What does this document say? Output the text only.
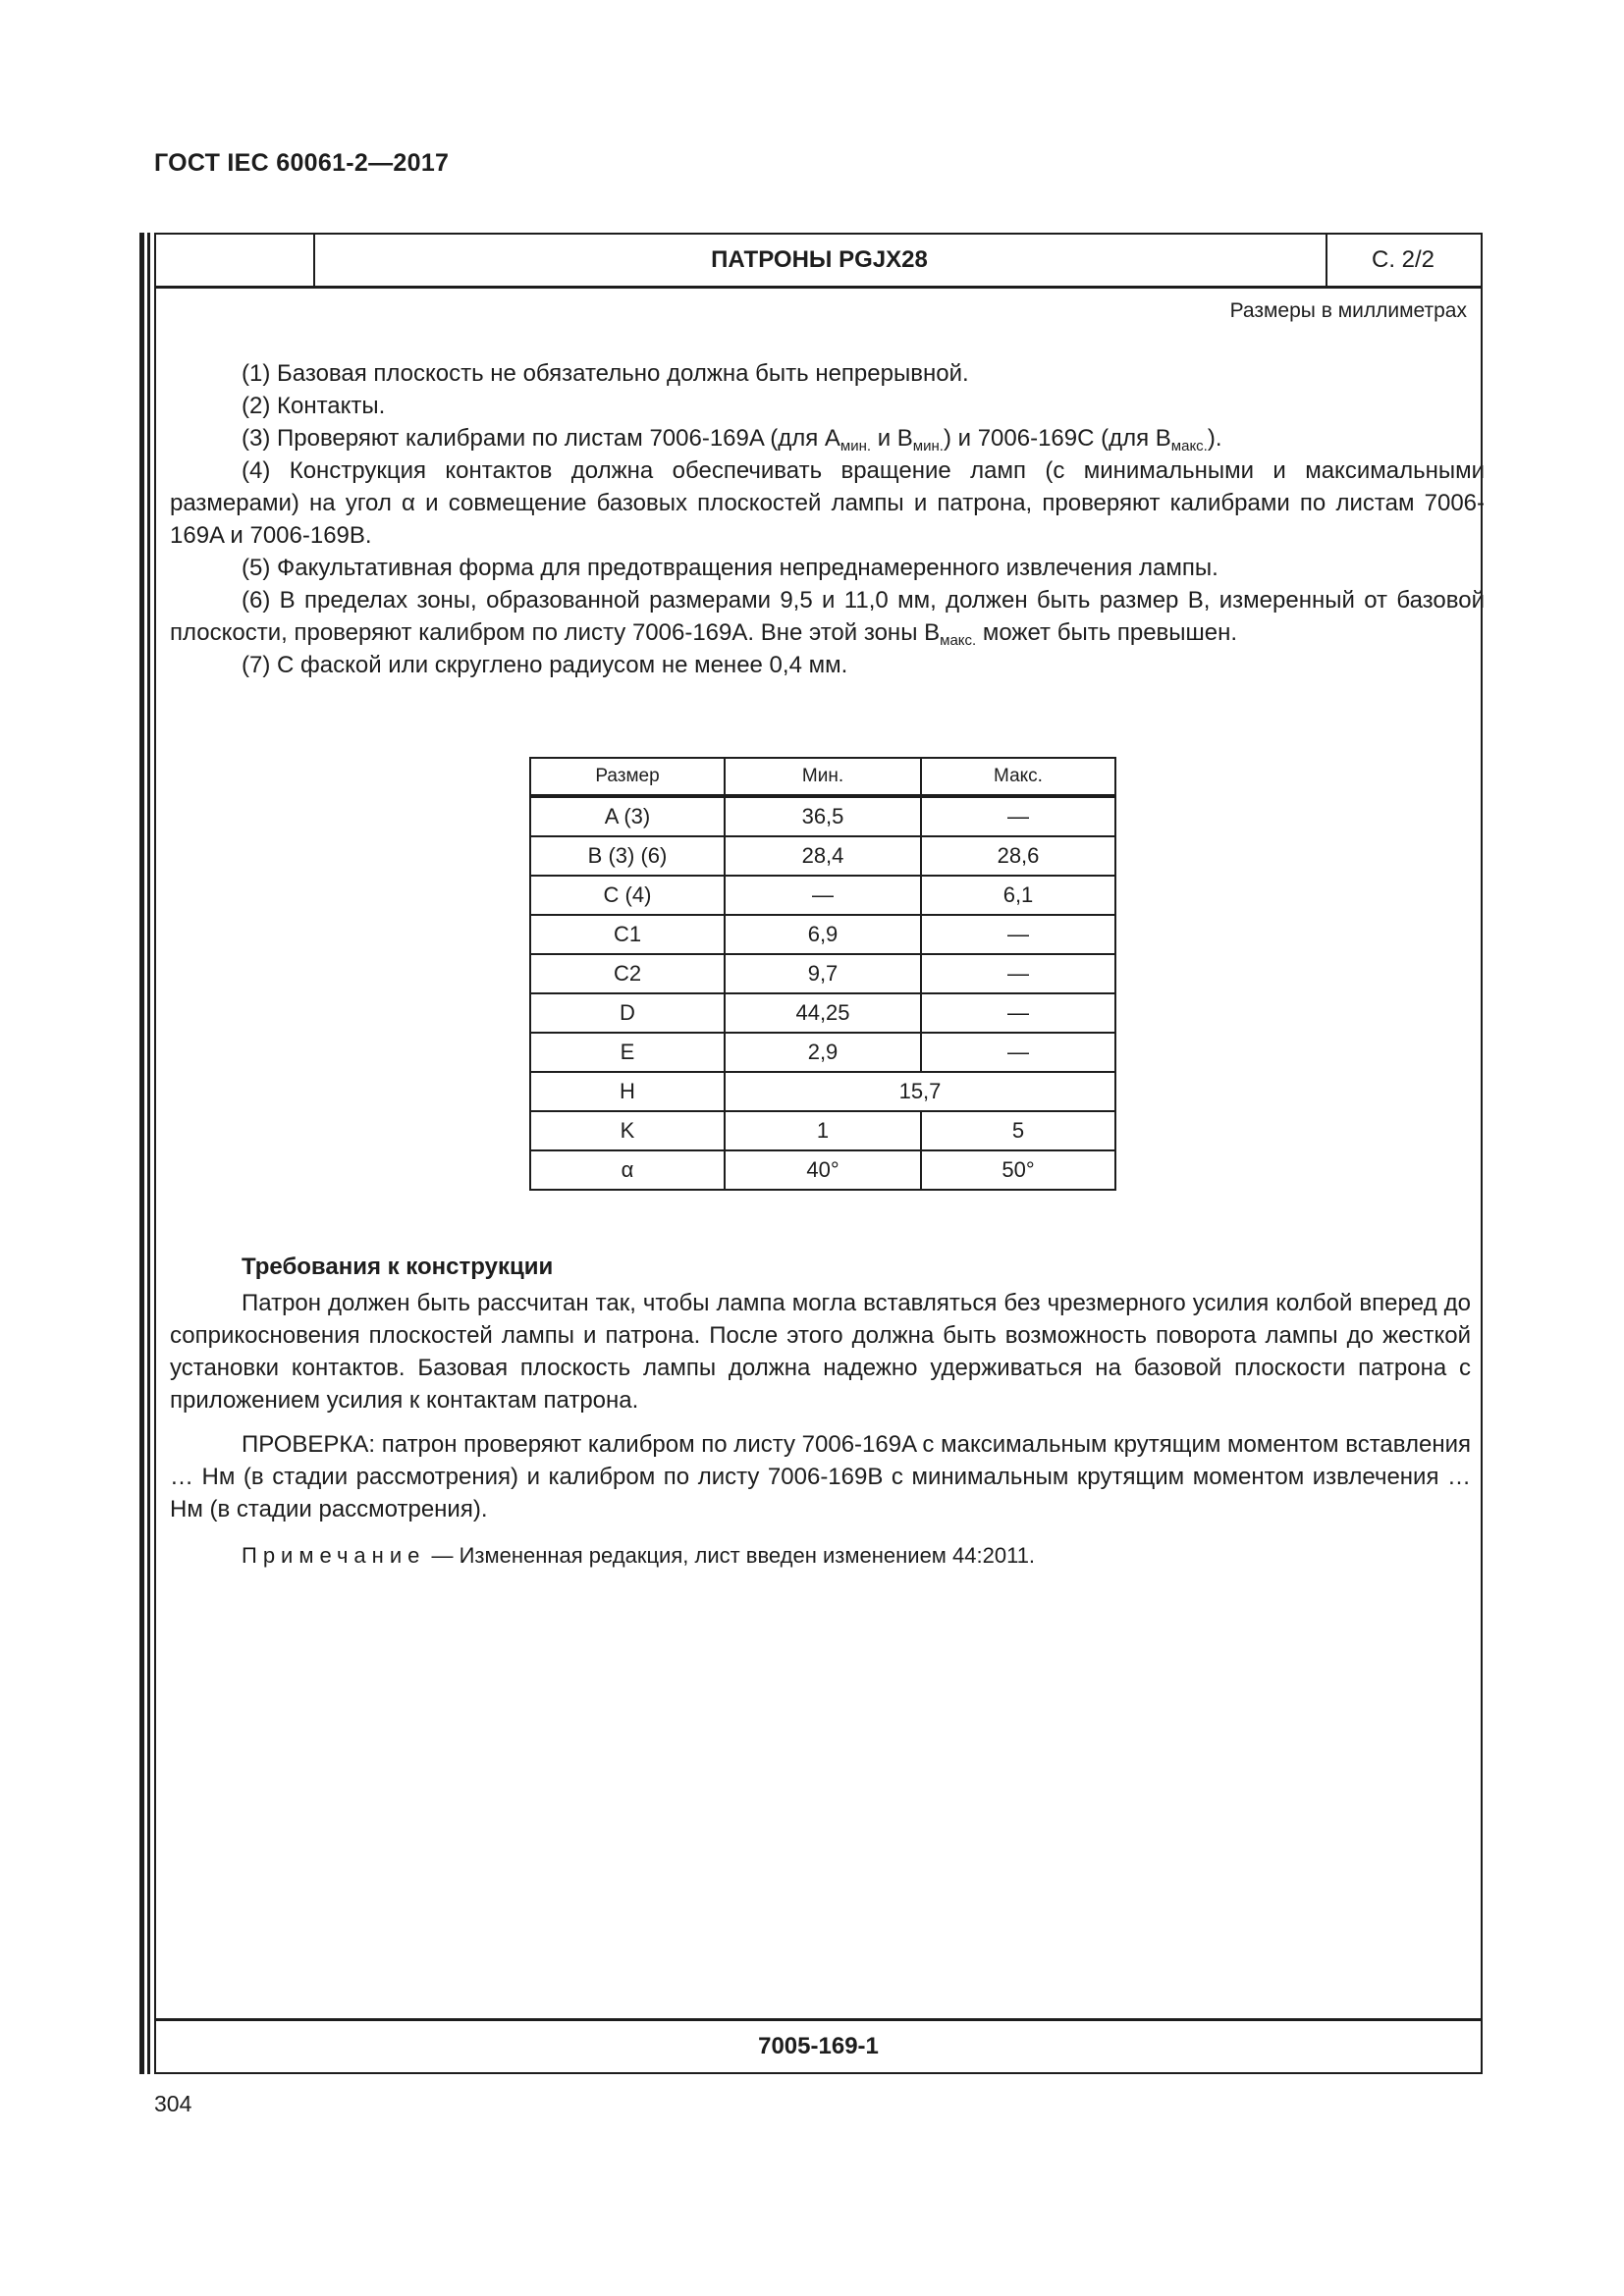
ГОСТ IEC 60061-2—2017
ПАТРОНЫ PGJX28	С. 2/2
Размеры в миллиметрах

(1) Базовая плоскость не обязательно должна быть непрерывной.

(2) Контакты.

(3) Проверяют калибрами по листам 7006-169A (для $A_{мин.}$ и $B_{мин.}$) и 7006-169C (для $B_{макс.}$).

(4) Конструкция контактов должна обеспечивать вращение ламп (с минимальными и максимальными размерами) на угол α и совмещение базовых плоскостей лампы и патрона, проверяют калибрами по листам 7006-169A и 7006-169B.

(5) Факультативная форма для предотвращения непреднамеренного извлечения лампы.

(6) В пределах зоны, образованной размерами 9,5 и 11,0 мм, должен быть размер B, измеренный от базовой плоскости, проверяют калибром по листу 7006-169A. Вне этой зоны $B_{макс.}$ может быть превышен.

(7) С фаской или скруглено радиусом не менее 0,4 мм.

Размер	Мин.	Макс.
A (3)	36,5	—
B (3) (6)	28,4	28,6
C (4)	—	6,1
C1	6,9	—
C2	9,7	—
D	44,25	—
E	2,9	—
H	15,7	
K	1	5
α	40°	50°

Требования к конструкции

Патрон должен быть рассчитан так, чтобы лампа могла вставляться без чрезмерного усилия колбой вперед до соприкосновения плоскостей лампы и патрона. После этого должна быть возможность поворота лампы до жесткой установки контактов. Базовая плоскость лампы должна надежно удерживаться на базовой плоскости патрона с приложением усилия к контактам патрона.

ПРОВЕРКА: патрон проверяют калибром по листу 7006-169A с максимальным крутящим моментом вставления … Нм (в стадии рассмотрения) и калибром по листу 7006-169B с минимальным крутящим моментом извлечения … Нм (в стадии рассмотрения).

Примечание — Измененная редакция, лист введен изменением 44:2011.

7005-169-1
304
